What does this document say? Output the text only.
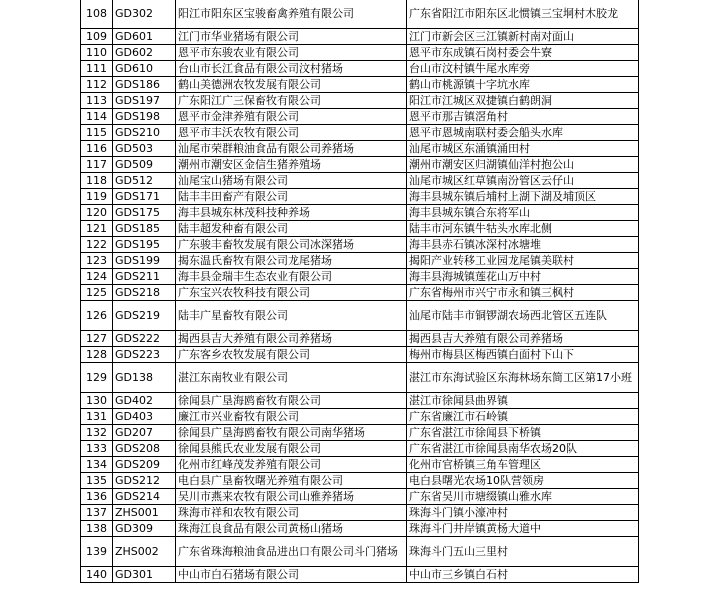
108	GD302	阳江市阳东区宝骏畜禽养殖有限公司	广东省阳江市阳东区北惯镇三宝垌村木胶龙
109	GD601	江门市华业猪场有限公司	江门市新会区三江镇新村南对面山
110	GD602	恩平市东骏农业有限公司	恩平市东成镇石岗村委会牛寮
111	GD610	台山市长江食品有限公司汶村猪场	台山市汶村镇牛尾水库旁
112	GDS186	鹤山美德洲农牧发展有限公司	鹤山市桃源镇十字坑水库
113	GDS197	广东阳江广三保畜牧有限公司	阳江市江城区双捷镇白鹤朗洞
114	GDS198	恩平市金津养殖有限公司	恩平市那吉镇滘角村
115	GDS210	恩平市丰沃农牧有限公司	恩平市恩城南联村委会船头水库
116	GD503	汕尾市荣群粮油食品有限公司养猪场	汕尾市城区东涌镇涌田村
117	GD509	潮州市潮安区金信生猪养殖场	潮州市潮安区归湖镇仙洋村抱公山
118	GD512	汕尾宝山猪场有限公司	汕尾市城区红草镇南汾管区云仔山
119	GDS171	陆丰丰田畜产有限公司	海丰县城东镇后埔村上湖下湖及埔顶区
120	GDS175	海丰县城东林茂科技种养场	海丰县城东镇合东将军山
121	GDS185	陆丰超发种畜有限公司	陆丰市河东镇牛牯头水库北侧
122	GDS195	广东骏丰畜牧发展有限公司冰深猪场	海丰县赤石镇冰深村冰塘堆
123	GDS199	揭东温氏畜牧有限公司龙尾猪场	揭阳产业转移工业园龙尾镇美联村
124	GDS211	海丰县金瑞丰生态农业有限公司	海丰县海城镇莲花山万中村
125	GDS218	广东宝兴农牧科技有限公司	广东省梅州市兴宁市永和镇三枫村
126	GDS219	陆丰广星畜牧有限公司	汕尾市陆丰市铜锣湖农场西北管区五连队
127	GDS222	揭西县吉大养殖有限公司养猪场	揭西县吉大养殖有限公司养猪场
128	GDS223	广东客乡农牧发展有限公司	梅州市梅县区梅西镇白面村下山下
129	GD138	湛江东南牧业有限公司	湛江市东海试验区东海林场东简工区第17小班
130	GD402	徐闻县广垦海鸥畜牧有限公司	湛江市徐闻县曲界镇
131	GD403	廉江市兴业畜牧有限公司	广东省廉江市石岭镇
132	GD207	徐闻县广垦海鸥畜牧有限公司南华猪场	广东省湛江市徐闻县下桥镇
133	GDS208	徐闻县熊氏农业发展有限公司	广东省湛江市徐闻县南华农场20队
134	GDS209	化州市红峰茂发养殖有限公司	化州市官桥镇三角车管理区
135	GDS212	电白县广垦畜牧曙光养殖有限公司	电白县曙光农场10队营领房
136	GDS214	吴川市燕来农牧有限公司山雅养猪场	广东省吴川市塘缀镇山雅水库
137	ZHS001	珠海市祥和农牧有限公司	珠海斗门镇小濠冲村
138	GD309	珠海江良食品有限公司黄杨山猪场	珠海斗门井岸镇黄杨大道中
139	ZHS002	广东省珠海粮油食品进出口有限公司斗门猪场	珠海斗门五山三里村
140	GD301	中山市白石猪场有限公司	中山市三乡镇白石村
